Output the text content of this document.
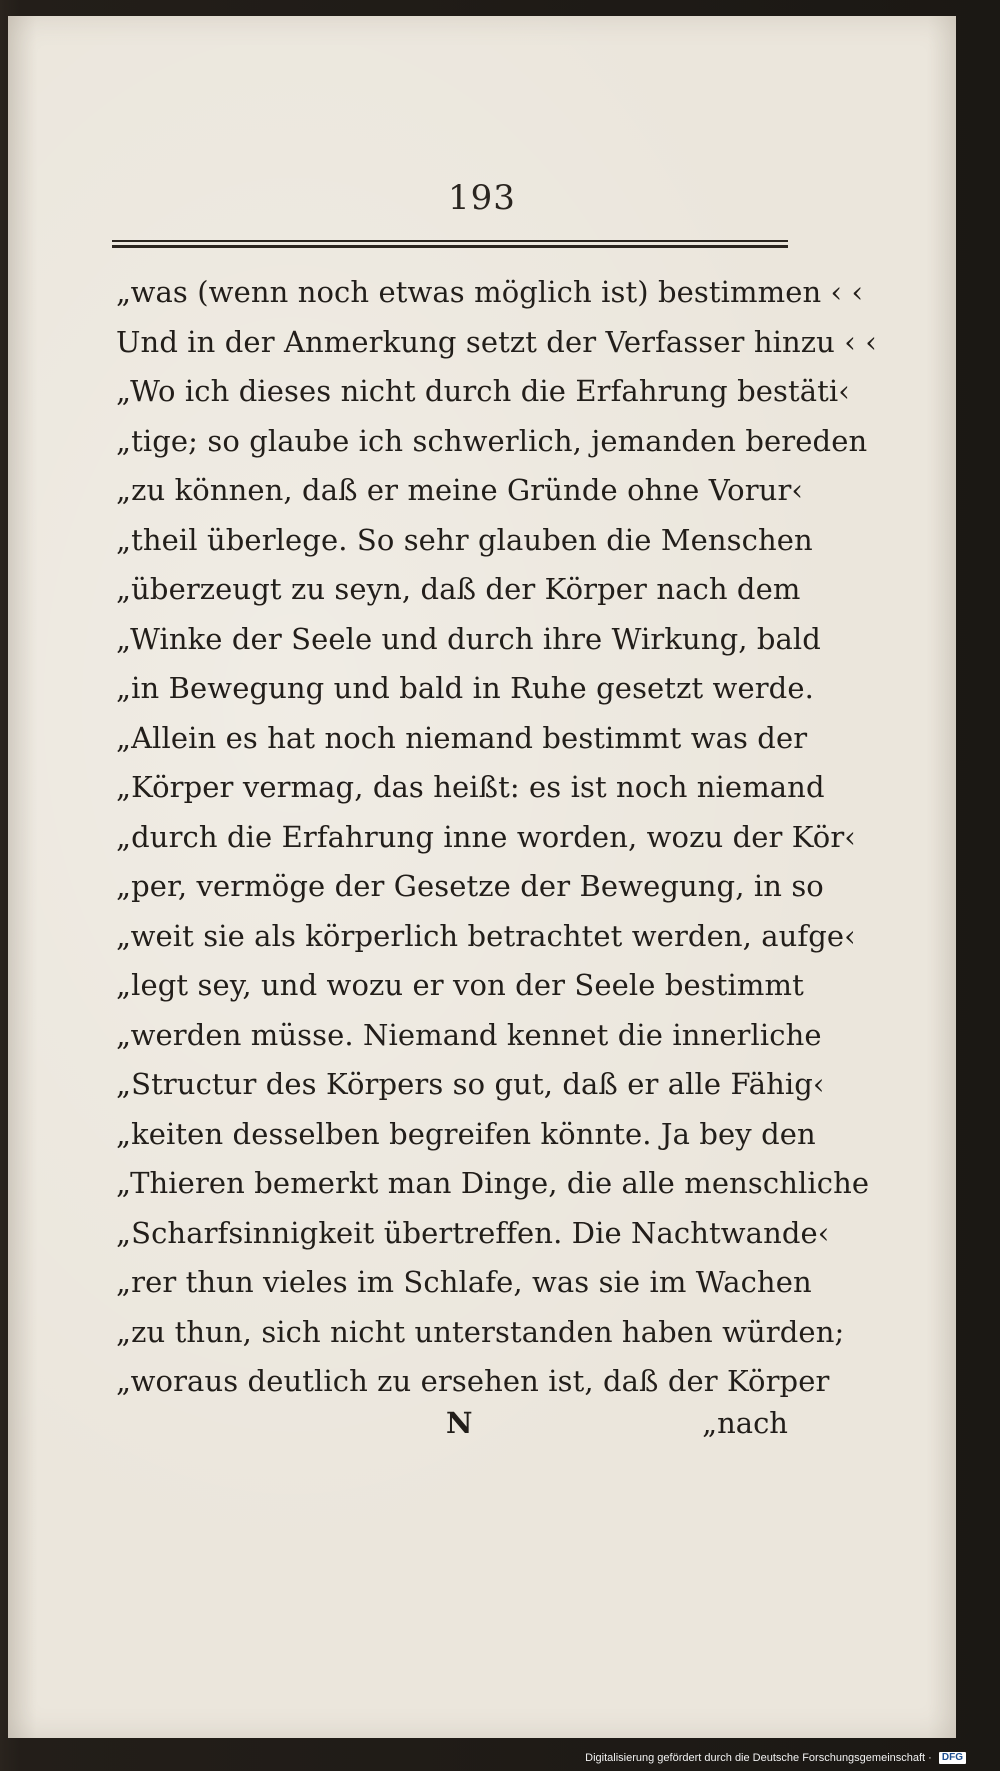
193
„was (wenn noch etwas möglich ist) bestimmen ‹ ‹
Und in der Anmerkung setzt der Verfasser hinzu ‹ ‹
„Wo ich dieses nicht durch die Erfahrung bestäti‹
„tige; so glaube ich schwerlich, jemanden bereden
„zu können, daß er meine Gründe ohne Vorur‹
„theil überlege. So sehr glauben die Menschen
„überzeugt zu seyn, daß der Körper nach dem
„Winke der Seele und durch ihre Wirkung, bald
„in Bewegung und bald in Ruhe gesetzt werde.
„Allein es hat noch niemand bestimmt was der
„Körper vermag, das heißt: es ist noch niemand
„durch die Erfahrung inne worden, wozu der Kör‹
„per, vermöge der Gesetze der Bewegung, in so
„weit sie als körperlich betrachtet werden, aufge‹
„legt sey, und wozu er von der Seele bestimmt
„werden müsse. Niemand kennet die innerliche
„Structur des Körpers so gut, daß er alle Fähig‹
„keiten desselben begreifen könnte. Ja bey den
„Thieren bemerkt man Dinge, die alle menschliche
„Scharfsinnigkeit übertreffen. Die Nachtwande‹
„rer thun vieles im Schlafe, was sie im Wachen
„zu thun, sich nicht unterstanden haben würden;
„woraus deutlich zu ersehen ist, daß der Körper
N	„nach
Digitalisierung gefördert durch die Deutsche Forschungsgemeinschaft · DFG
